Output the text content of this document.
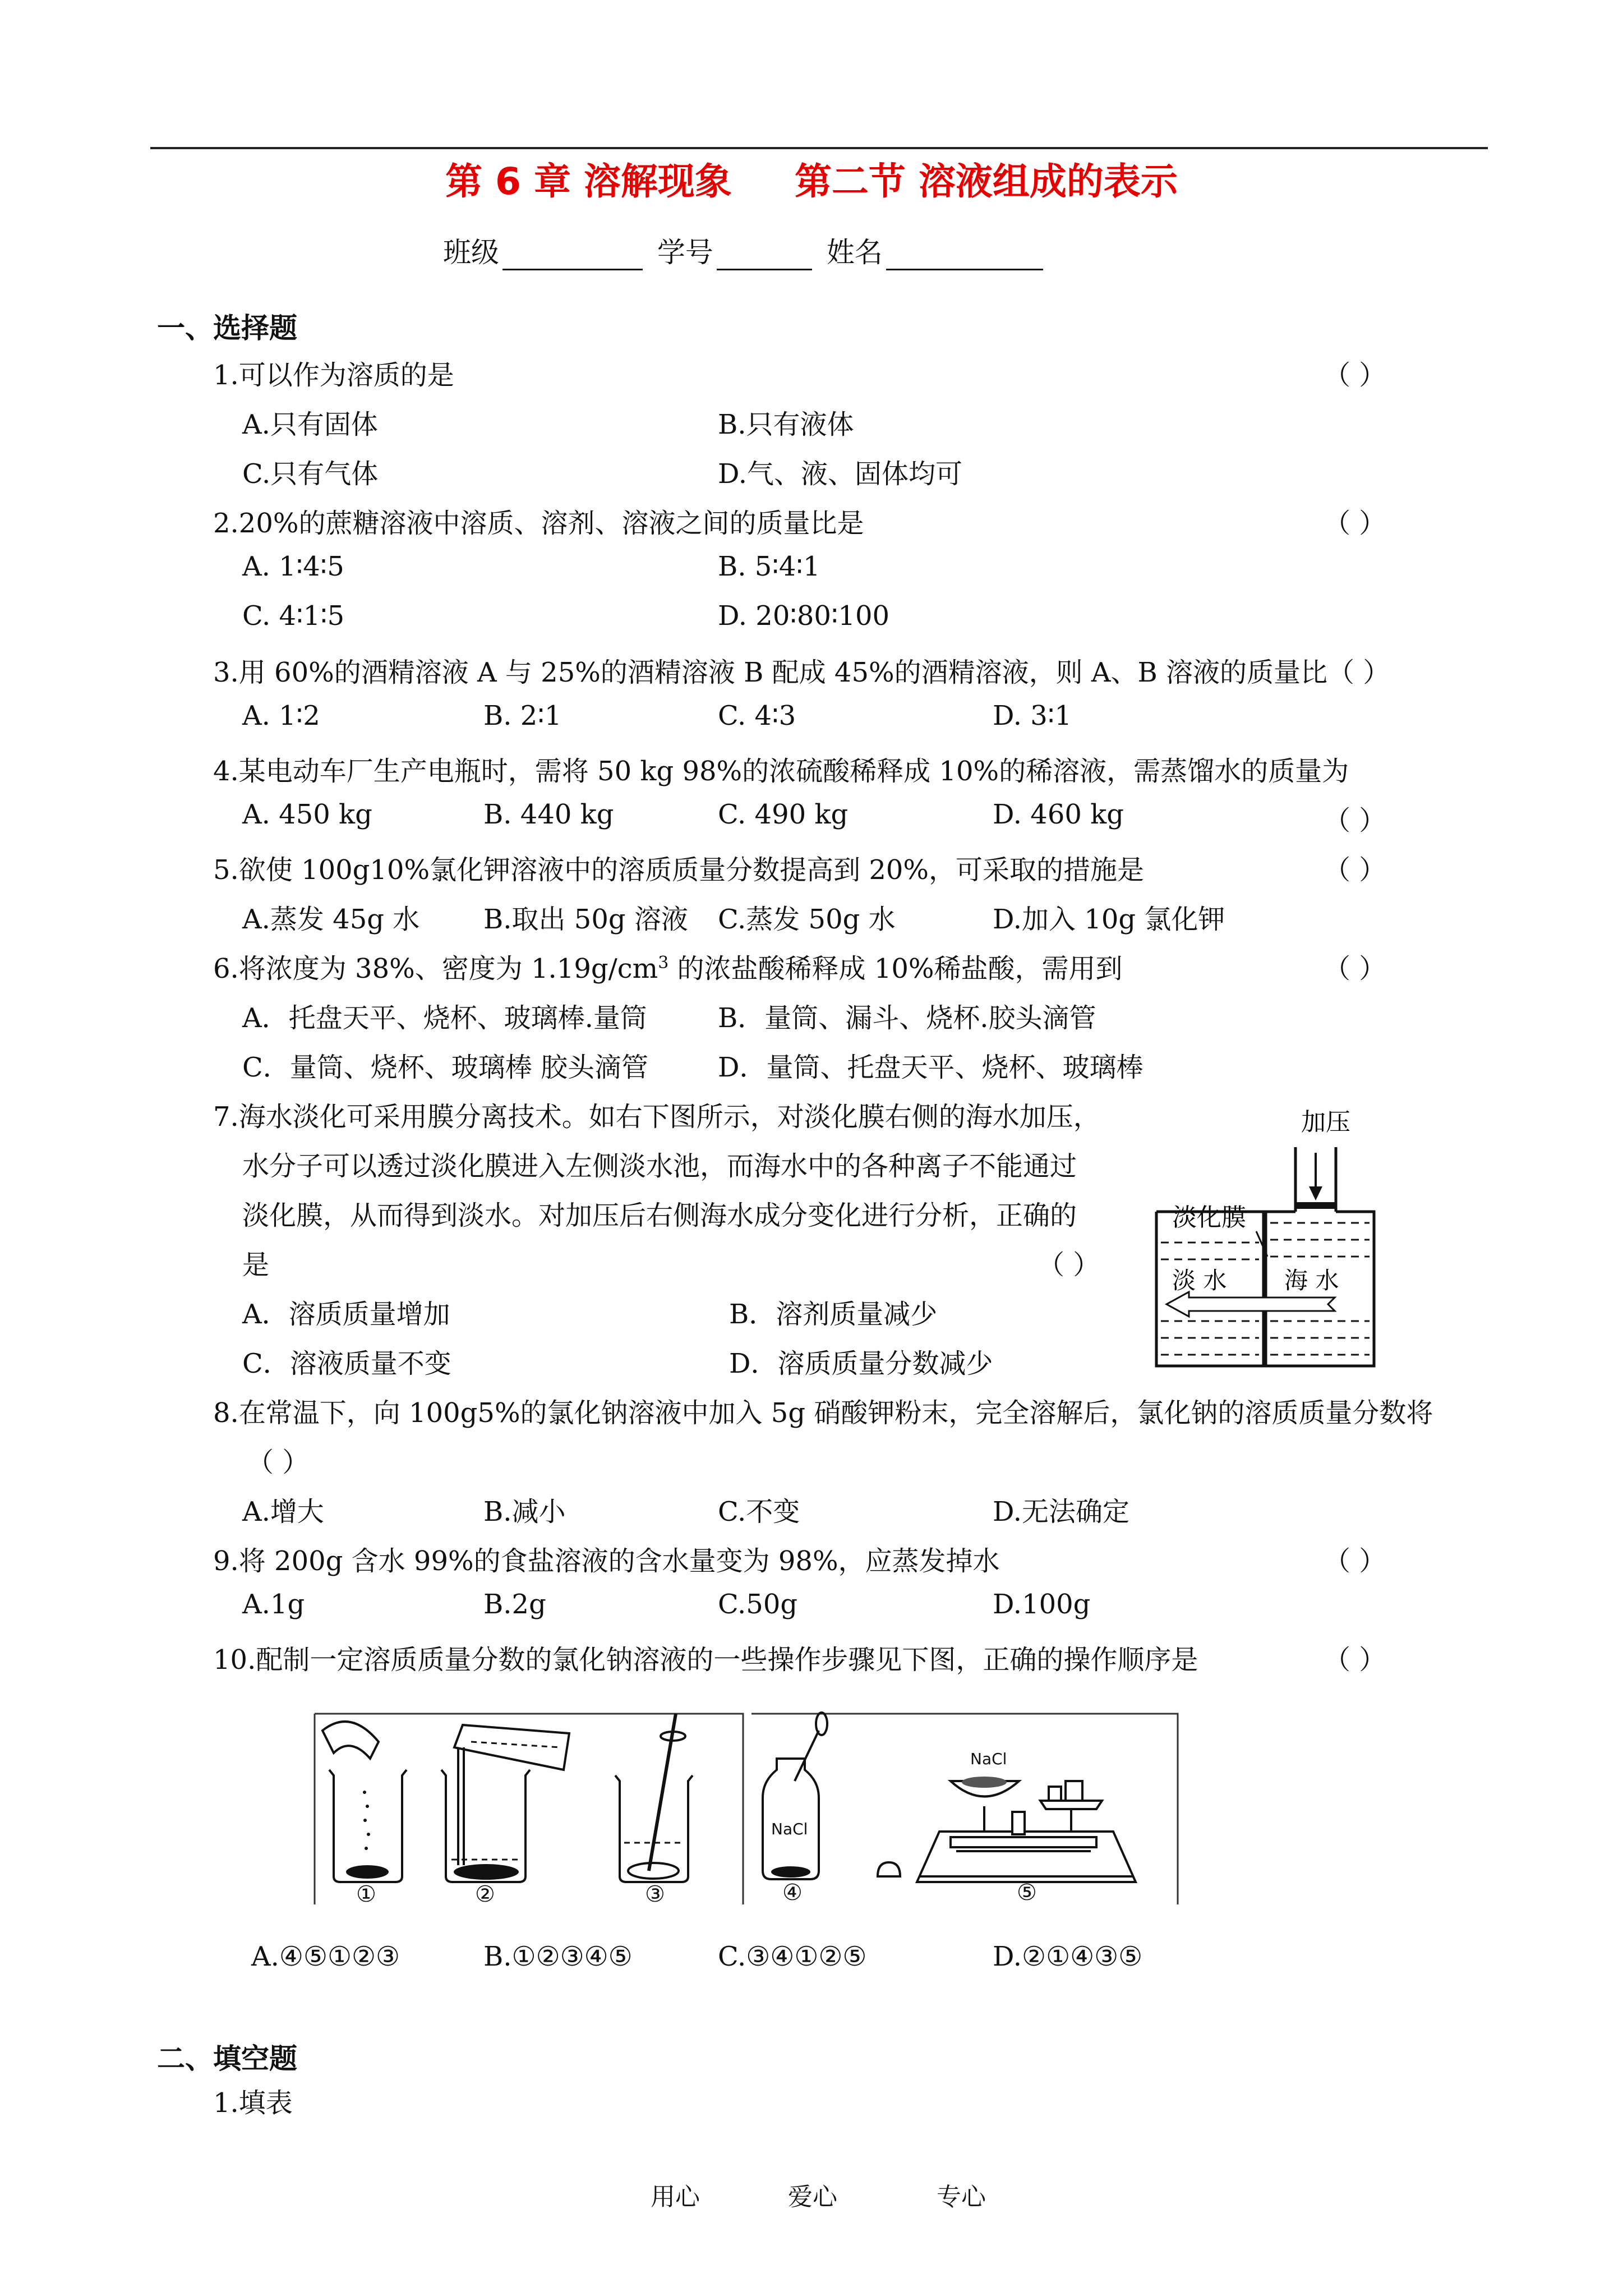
第 6 章 溶解现象 第二节 溶液组成的表示
班级	学号	姓名
一、选择题
1.可以作为溶质的是	（ ）
A.只有固体	B.只有液体
C.只有气体	D.气、液、固体均可
2.20%的蔗糖溶液中溶质、溶剂、溶液之间的质量比是	（ ）
A. 1∶4∶5	B. 5∶4∶1
C. 4∶1∶5	D. 20∶80∶100
3.用 60%的酒精溶液 A 与 25%的酒精溶液 B 配成 45%的酒精溶液，则 A、B 溶液的质量比（ ）
A. 1∶2	B. 2∶1	C. 4∶3	D. 3∶1
4.某电动车厂生产电瓶时，需将 50 kg 98%的浓硫酸稀释成 10%的稀溶液，需蒸馏水的质量为
A. 450 kg	B. 440 kg	C. 490 kg	D. 460 kg	（ ）
5.欲使 100g10%氯化钾溶液中的溶质质量分数提高到 20%，可采取的措施是	（ ）
A.蒸发 45g 水 B.取出 50g 溶液 C.蒸发 50g 水	D.加入 10g 氯化钾
6.将浓度为 38%、密度为 $1.19g/cm^3$ 的浓盐酸稀释成 10%稀盐酸，需用到	（ ）
A．托盘天平、烧杯、玻璃棒.量筒	B．量筒、漏斗、烧杯.胶头滴管
C．量筒、烧杯、玻璃棒 胶头滴管	D．量筒、托盘天平、烧杯、玻璃棒
7.海水淡化可采用膜分离技术。如右下图所示，对淡化膜右侧的海水加压，
水分子可以透过淡化膜进入左侧淡水池，而海水中的各种离子不能通过
淡化膜，从而得到淡水。对加压后右侧海水成分变化进行分析，正确的
是	（ ）
A．溶质质量增加	B．溶剂质量减少
C．溶液质量不变	D．溶质质量分数减少
加压
淡化膜
淡 水 海 水
8.在常温下，向 100g5%的氯化钠溶液中加入 5g 硝酸钾粉末，完全溶解后，氯化钠的溶质质量分数将
（ ）
A.增大	B.减小	C.不变	D.无法确定
9.将 200g 含水 99%的食盐溶液的含水量变为 98%，应蒸发掉水	（ ）
A.1g	B.2g	C.50g	D.100g
10.配制一定溶质质量分数的氯化钠溶液的一些操作步骤见下图，正确的操作顺序是	（ ）
NaCl
NaCl
①	②	③	④	⑤
A.④⑤①②③	B.①②③④⑤	C.③④①②⑤	D.②①④③⑤
二、填空题
1.填表
用心	爱心	专心
